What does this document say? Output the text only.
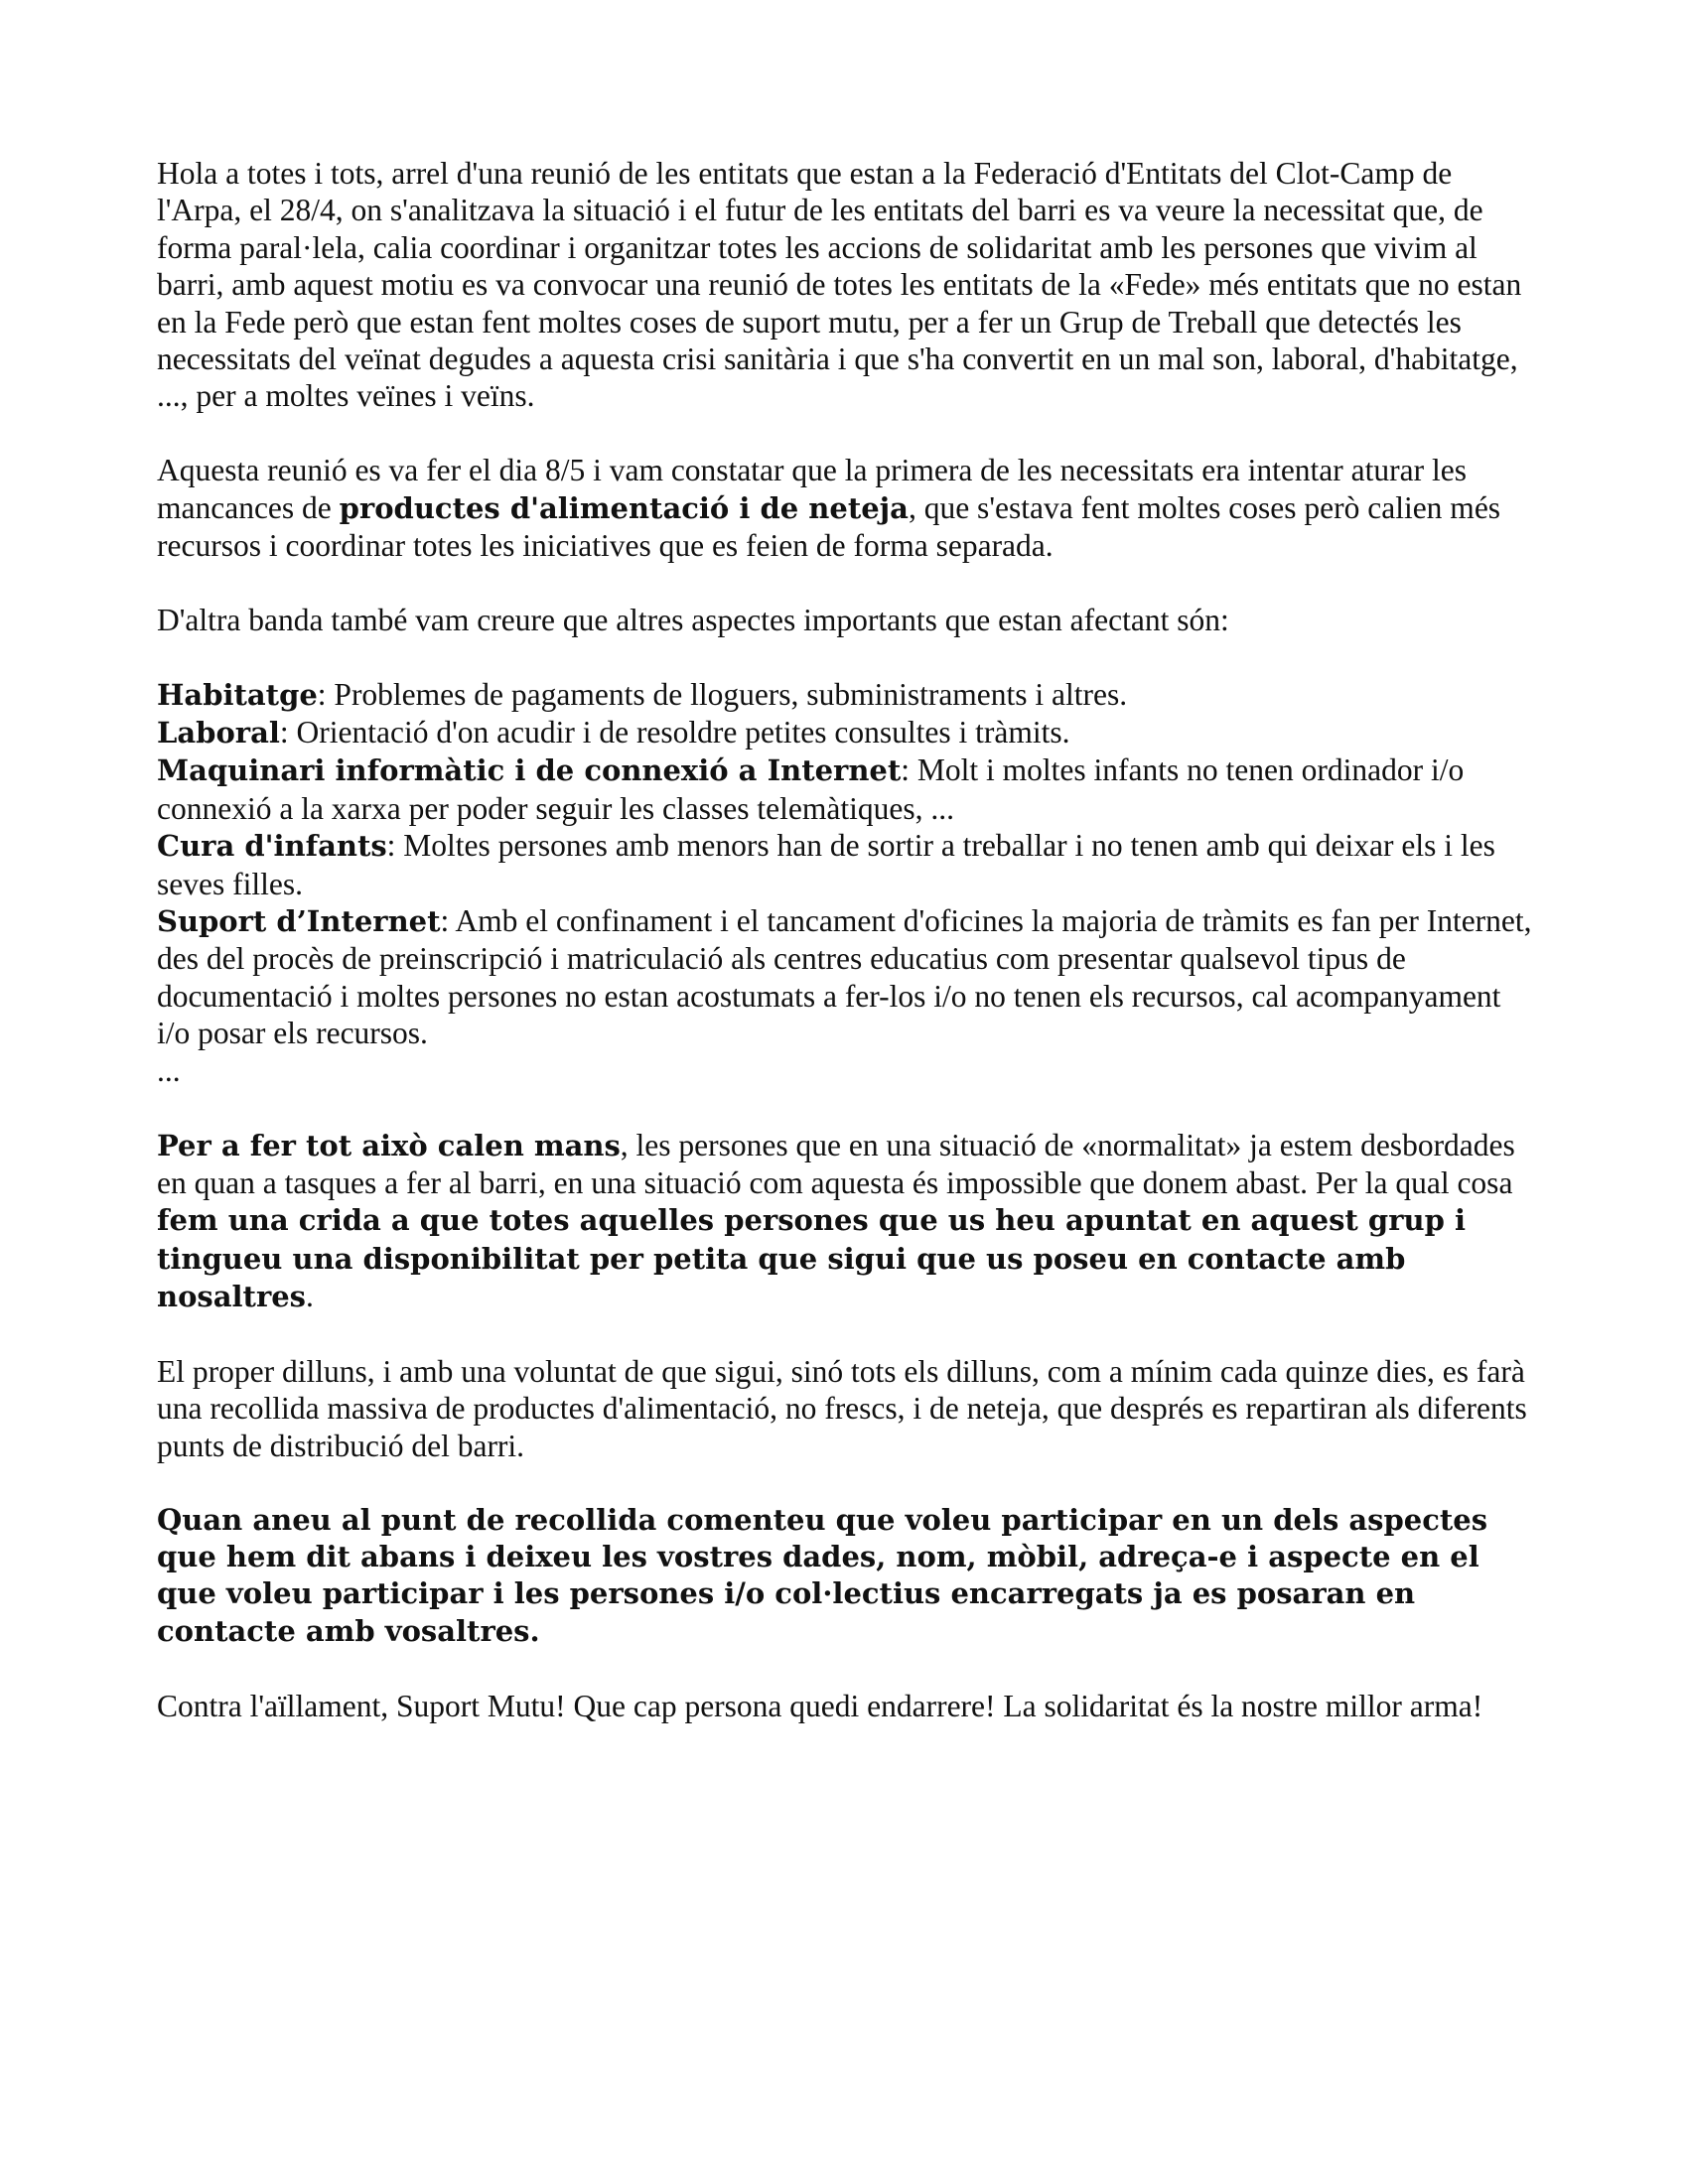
Hola a totes i tots, arrel d'una reunió de les entitats que estan a la Federació d'Entitats del Clot-Camp de l'Arpa, el 28/4, on s'analitzava la situació i el futur de les entitats del barri es va veure la necessitat que, de forma paral·lela, calia coordinar i organitzar totes les accions de solidaritat amb les persones que vivim al barri, amb aquest motiu es va convocar una reunió de totes les entitats de la «Fede» més entitats que no estan en la Fede però que estan fent moltes coses de suport mutu, per a fer un Grup de Treball que detectés les necessitats del veïnat degudes a aquesta crisi sanitària i que s'ha convertit en un mal son, laboral, d'habitatge, ..., per a moltes veïnes i veïns.

Aquesta reunió es va fer el dia 8/5 i vam constatar que la primera de les necessitats era intentar aturar les mancances de productes d'alimentació i de neteja, que s'estava fent moltes coses però calien més recursos i coordinar totes les iniciatives que es feien de forma separada.

D'altra banda també vam creure que altres aspectes importants que estan afectant són:

Habitatge: Problemes de pagaments de lloguers, subministraments i altres.

Laboral: Orientació d'on acudir i de resoldre petites consultes i tràmits.

Maquinari informàtic i de connexió a Internet: Molt i moltes infants no tenen ordinador i/o connexió a la xarxa per poder seguir les classes telemàtiques, ...

Cura d'infants: Moltes persones amb menors han de sortir a treballar i no tenen amb qui deixar els i les seves filles.

Suport d’Internet: Amb el confinament i el tancament d'oficines la majoria de tràmits es fan per Internet, des del procès de preinscripció i matriculació als centres educatius com presentar qualsevol tipus de documentació i moltes persones no estan acostumats a fer-los i/o no tenen els recursos, cal acompanyament i/o posar els recursos.

...

Per a fer tot això calen mans, les persones que en una situació de «normalitat» ja estem desbordades en quan a tasques a fer al barri, en una situació com aquesta és impossible que donem abast. Per la qual cosa fem una crida a que totes aquelles persones que us heu apuntat en aquest grup i tingueu una disponibilitat per petita que sigui que us poseu en contacte amb nosaltres.

El proper dilluns, i amb una voluntat de que sigui, sinó tots els dilluns, com a mínim cada quinze dies, es farà una recollida massiva de productes d'alimentació, no frescs, i de neteja, que després es repartiran als diferents punts de distribució del barri.

Quan aneu al punt de recollida comenteu que voleu participar en un dels aspectes que hem dit abans i deixeu les vostres dades, nom, mòbil, adreça-e i aspecte en el que voleu participar i les persones i/o col·lectius encarregats ja es posaran en contacte amb vosaltres.

Contra l'aïllament, Suport Mutu! Que cap persona quedi endarrere! La solidaritat és la nostre millor arma!
